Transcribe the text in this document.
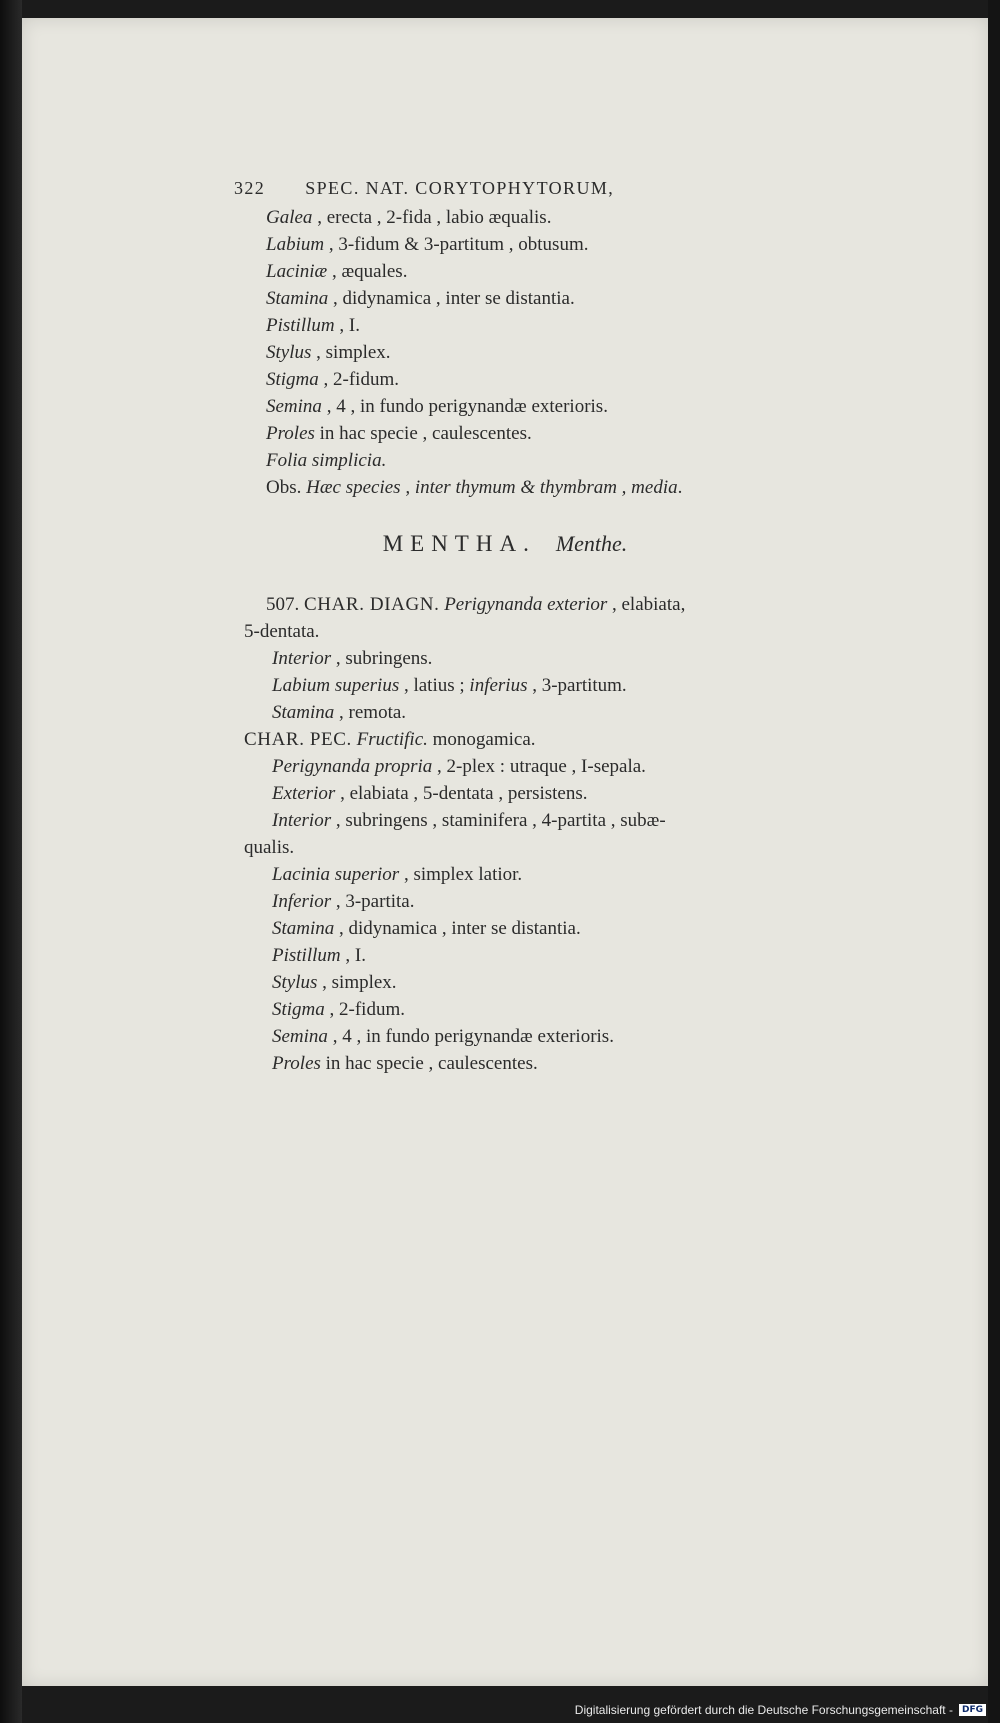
322 SPEC. NAT. CORYTOPHYTORUM,
Galea , erecta , 2-fida , labio æqualis.
Labium , 3-fidum & 3-partitum , obtusum.
Laciniæ , æquales.
Stamina , didynamica , inter se distantia.
Pistillum , I.
Stylus , simplex.
Stigma , 2-fidum.
Semina , 4 , in fundo perigynandæ exterioris.
Proles in hac specie , caulescentes.
Folia simplicia.
Obs. Hæc species , inter thymum & thymbram , media.
MENTHA. Menthe.
507. CHAR. DIAGN. Perigynanda exterior , elabiata,
5-dentata.
Interior , subringens.
Labium superius , latius ; inferius , 3-partitum.
Stamina , remota.
CHAR. PEC. Fructific. monogamica.
Perigynanda propria , 2-plex : utraque , I-sepala.
Exterior , elabiata , 5-dentata , persistens.
Interior , subringens , staminifera , 4-partita , subæ-
qualis.
Lacinia superior , simplex latior.
Inferior , 3-partita.
Stamina , didynamica , inter se distantia.
Pistillum , I.
Stylus , simplex.
Stigma , 2-fidum.
Semina , 4 , in fundo perigynandæ exterioris.
Proles in hac specie , caulescentes.
Digitalisierung gefördert durch die Deutsche Forschungsgemeinschaft -	DFG
